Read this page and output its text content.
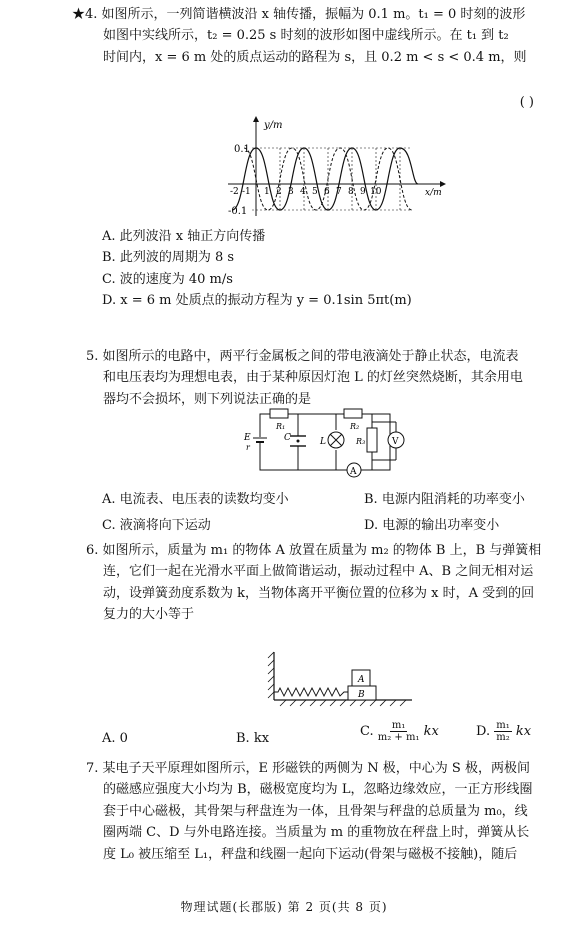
★4. 如图所示，一列简谐横波沿 x 轴传播，振幅为 0.1 m。t₁ = 0 时刻的波形

如图中实线所示，t₂ = 0.25 s 时刻的波形如图中虚线所示。在 t₁ 到 t₂

时间内，x = 6 m 处的质点运动的路程为 s，且 0.2 m < s < 0.4 m，则

( )
y/m
x/m
0.1
-0.1
-2 -1 1 2 3 4 5 6 7 8 9 10

A. 此列波沿 x 轴正方向传播

B. 此列波的周期为 8 s

C. 波的速度为 40 m/s

D. x = 6 m 处质点的振动方程为 y = 0.1sin 5πt(m)

5. 如图所示的电路中，两平行金属板之间的带电液滴处于静止状态，电流表

和电压表均为理想电表，由于某种原因灯泡 L 的灯丝突然烧断，其余用电

器均不会损坏，则下列说法正确的是

R₁	R₂
E
r
C	L	R₃	V
A
A. 电流表、电压表的读数均变小	B. 电源内阻消耗的功率变小
C. 液滴将向下运动	D. 电源的输出功率变小

6. 如图所示，质量为 m₁ 的物体 A 放置在质量为 m₂ 的物体 B 上，B 与弹簧相

连，它们一起在光滑水平面上做简谐运动，振动过程中 A、B 之间无相对运

动，设弹簧劲度系数为 k，当物体离开平衡位置的位移为 x 时，A 受到的回

复力的大小等于

B
A
A. 0	B. kx	C. $\frac{\text{m₁}}{\text{m₂ + m₁}}$ kx	D. $\frac{\text{m₁}}{\text{m₂}}$ kx

7. 某电子天平原理如图所示，E 形磁铁的两侧为 N 极，中心为 S 极，两极间

的磁感应强度大小均为 B，磁极宽度均为 L，忽略边缘效应，一正方形线圈

套于中心磁极，其骨架与秤盘连为一体，且骨架与秤盘的总质量为 m₀，线

圈两端 C、D 与外电路连接。当质量为 m 的重物放在秤盘上时，弹簧从长

度 L₀ 被压缩至 L₁，秤盘和线圈一起向下运动(骨架与磁极不接触)，随后

物理试题(长郡版) 第 2 页(共 8 页)
